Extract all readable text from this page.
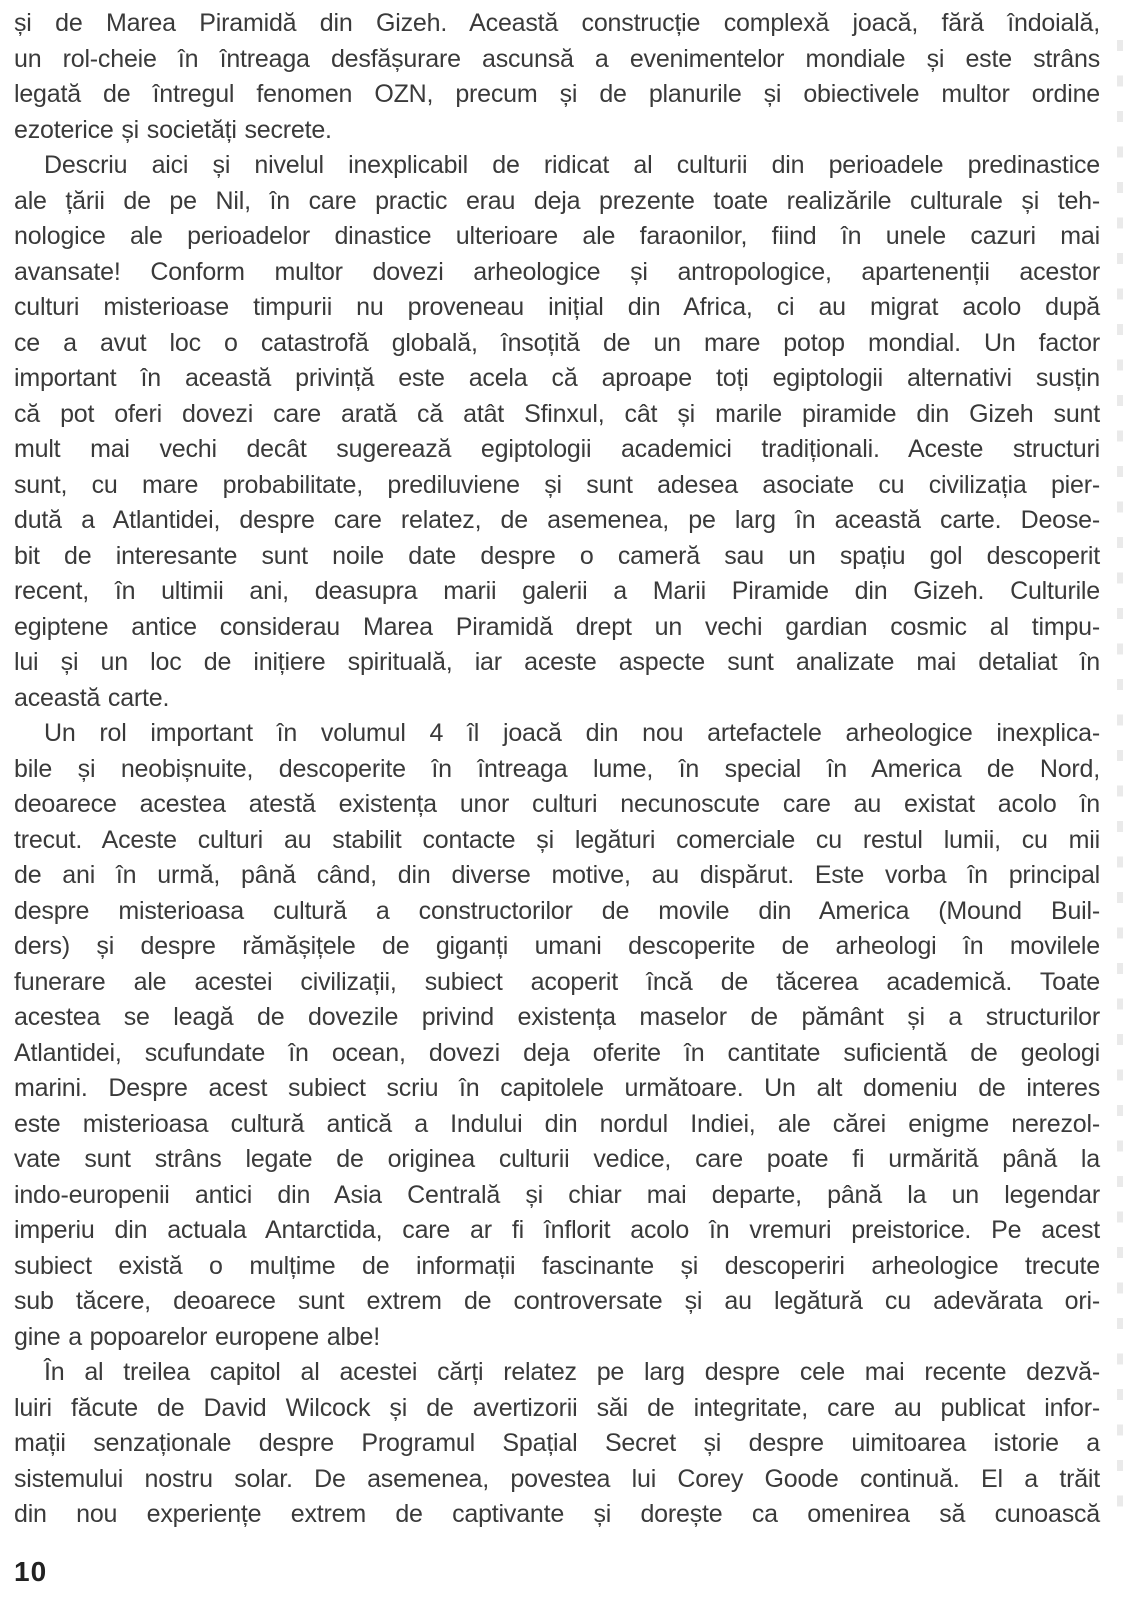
și de Marea Piramidă din Gizeh. Această construcție complexă joacă, fără îndoială,
un rol-cheie în întreaga desfășurare ascunsă a evenimentelor mondiale și este strâns
legată de întregul fenomen OZN, precum și de planurile și obiectivele multor ordine
ezoterice și societăți secrete.
Descriu aici și nivelul inexplicabil de ridicat al culturii din perioadele predinastice
ale țării de pe Nil, în care practic erau deja prezente toate realizările culturale și teh-
nologice ale perioadelor dinastice ulterioare ale faraonilor, fiind în unele cazuri mai
avansate! Conform multor dovezi arheologice și antropologice, apartenenții acestor
culturi misterioase timpurii nu proveneau inițial din Africa, ci au migrat acolo după
ce a avut loc o catastrofă globală, însoțită de un mare potop mondial. Un factor
important în această privință este acela că aproape toți egiptologii alternativi susțin
că pot oferi dovezi care arată că atât Sfinxul, cât și marile piramide din Gizeh sunt
mult mai vechi decât sugerează egiptologii academici tradiționali. Aceste structuri
sunt, cu mare probabilitate, prediluviene și sunt adesea asociate cu civilizația pier-
dută a Atlantidei, despre care relatez, de asemenea, pe larg în această carte. Deose-
bit de interesante sunt noile date despre o cameră sau un spațiu gol descoperit
recent, în ultimii ani, deasupra marii galerii a Marii Piramide din Gizeh. Culturile
egiptene antice considerau Marea Piramidă drept un vechi gardian cosmic al timpu-
lui și un loc de inițiere spirituală, iar aceste aspecte sunt analizate mai detaliat în
această carte.
Un rol important în volumul 4 îl joacă din nou artefactele arheologice inexplica-
bile și neobișnuite, descoperite în întreaga lume, în special în America de Nord,
deoarece acestea atestă existența unor culturi necunoscute care au existat acolo în
trecut. Aceste culturi au stabilit contacte și legături comerciale cu restul lumii, cu mii
de ani în urmă, până când, din diverse motive, au dispărut. Este vorba în principal
despre misterioasa cultură a constructorilor de movile din America (Mound Buil-
ders) și despre rămășițele de giganți umani descoperite de arheologi în movilele
funerare ale acestei civilizații, subiect acoperit încă de tăcerea academică. Toate
acestea se leagă de dovezile privind existența maselor de pământ și a structurilor
Atlantidei, scufundate în ocean, dovezi deja oferite în cantitate suficientă de geologi
marini. Despre acest subiect scriu în capitolele următoare. Un alt domeniu de interes
este misterioasa cultură antică a Indului din nordul Indiei, ale cărei enigme nerezol-
vate sunt strâns legate de originea culturii vedice, care poate fi urmărită până la
indo-europenii antici din Asia Centrală și chiar mai departe, până la un legendar
imperiu din actuala Antarctida, care ar fi înflorit acolo în vremuri preistorice. Pe acest
subiect există o mulțime de informații fascinante și descoperiri arheologice trecute
sub tăcere, deoarece sunt extrem de controversate și au legătură cu adevărata ori-
gine a popoarelor europene albe!
În al treilea capitol al acestei cărți relatez pe larg despre cele mai recente dezvă-
luiri făcute de David Wilcock și de avertizorii săi de integritate, care au publicat infor-
mații senzaționale despre Programul Spațial Secret și despre uimitoarea istorie a
sistemului nostru solar. De asemenea, povestea lui Corey Goode continuă. El a trăit
din nou experiențe extrem de captivante și dorește ca omenirea să cunoască
10
